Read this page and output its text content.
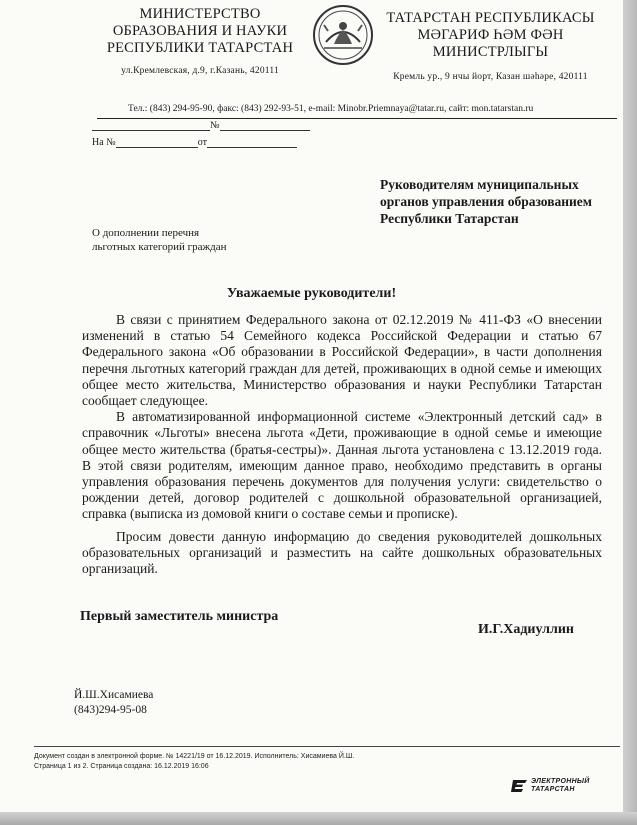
МИНИСТЕРСТВО
ОБРАЗОВАНИЯ И НАУКИ
РЕСПУБЛИКИ ТАТАРСТАН
ул.Кремлевская, д.9, г.Казань, 420111
ТАТАРСТАН РЕСПУБЛИКАСЫ
МӘГАРИФ ҺӘМ ФӘН
МИНИСТРЛЫГЫ
Кремль ур., 9 нчы йорт, Казан шәһәре, 420111
Тел.: (843) 294-95-90, факс: (843) 292-93-51, e-mail: Minobr.Priemnaya@tatar.ru, сайт: mon.tatarstan.ru
№
На №	от
Руководителям муниципальных
органов управления образованием
Республики Татарстан
О дополнении перечня
льготных категорий граждан
Уважаемые руководители!

В связи с принятием Федерального закона от 02.12.2019 № 411-ФЗ «О внесении изменений в статью 54 Семейного кодекса Российской Федерации и статью 67 Федерального закона «Об образовании в Российской Федерации», в части дополнения перечня льготных категорий граждан для детей, проживающих в одной семье и имеющих общее место жительства, Министерство образования и науки Республики Татарстан сообщает следующее.

В автоматизированной информационной системе «Электронный детский сад» в справочник «Льготы» внесена льгота «Дети, проживающие в одной семье и имеющие общее место жительства (братья-сестры)». Данная льгота установлена с 13.12.2019 года. В этой связи родителям, имеющим данное право, необходимо представить в органы управления образования перечень документов для получения услуги: свидетельство о рождении детей, договор родителей с дошкольной образовательной организацией, справка (выписка из домовой книги о составе семьи и прописке).

Просим довести данную информацию до сведения руководителей дошкольных образовательных организаций и разместить на сайте дошкольных образовательных организаций.

Первый заместитель министра
И.Г.Хадиуллин
Й.Ш.Хисамиева
(843)294-95-08
Документ создан в электронной форме. № 14221/19 от 16.12.2019. Исполнитель: Хисамиева Й.Ш.
Страница 1 из 2. Страница создана: 16.12.2019 16:06
ЭЛЕКТРОННЫЙ
ТАТАРСТАН
